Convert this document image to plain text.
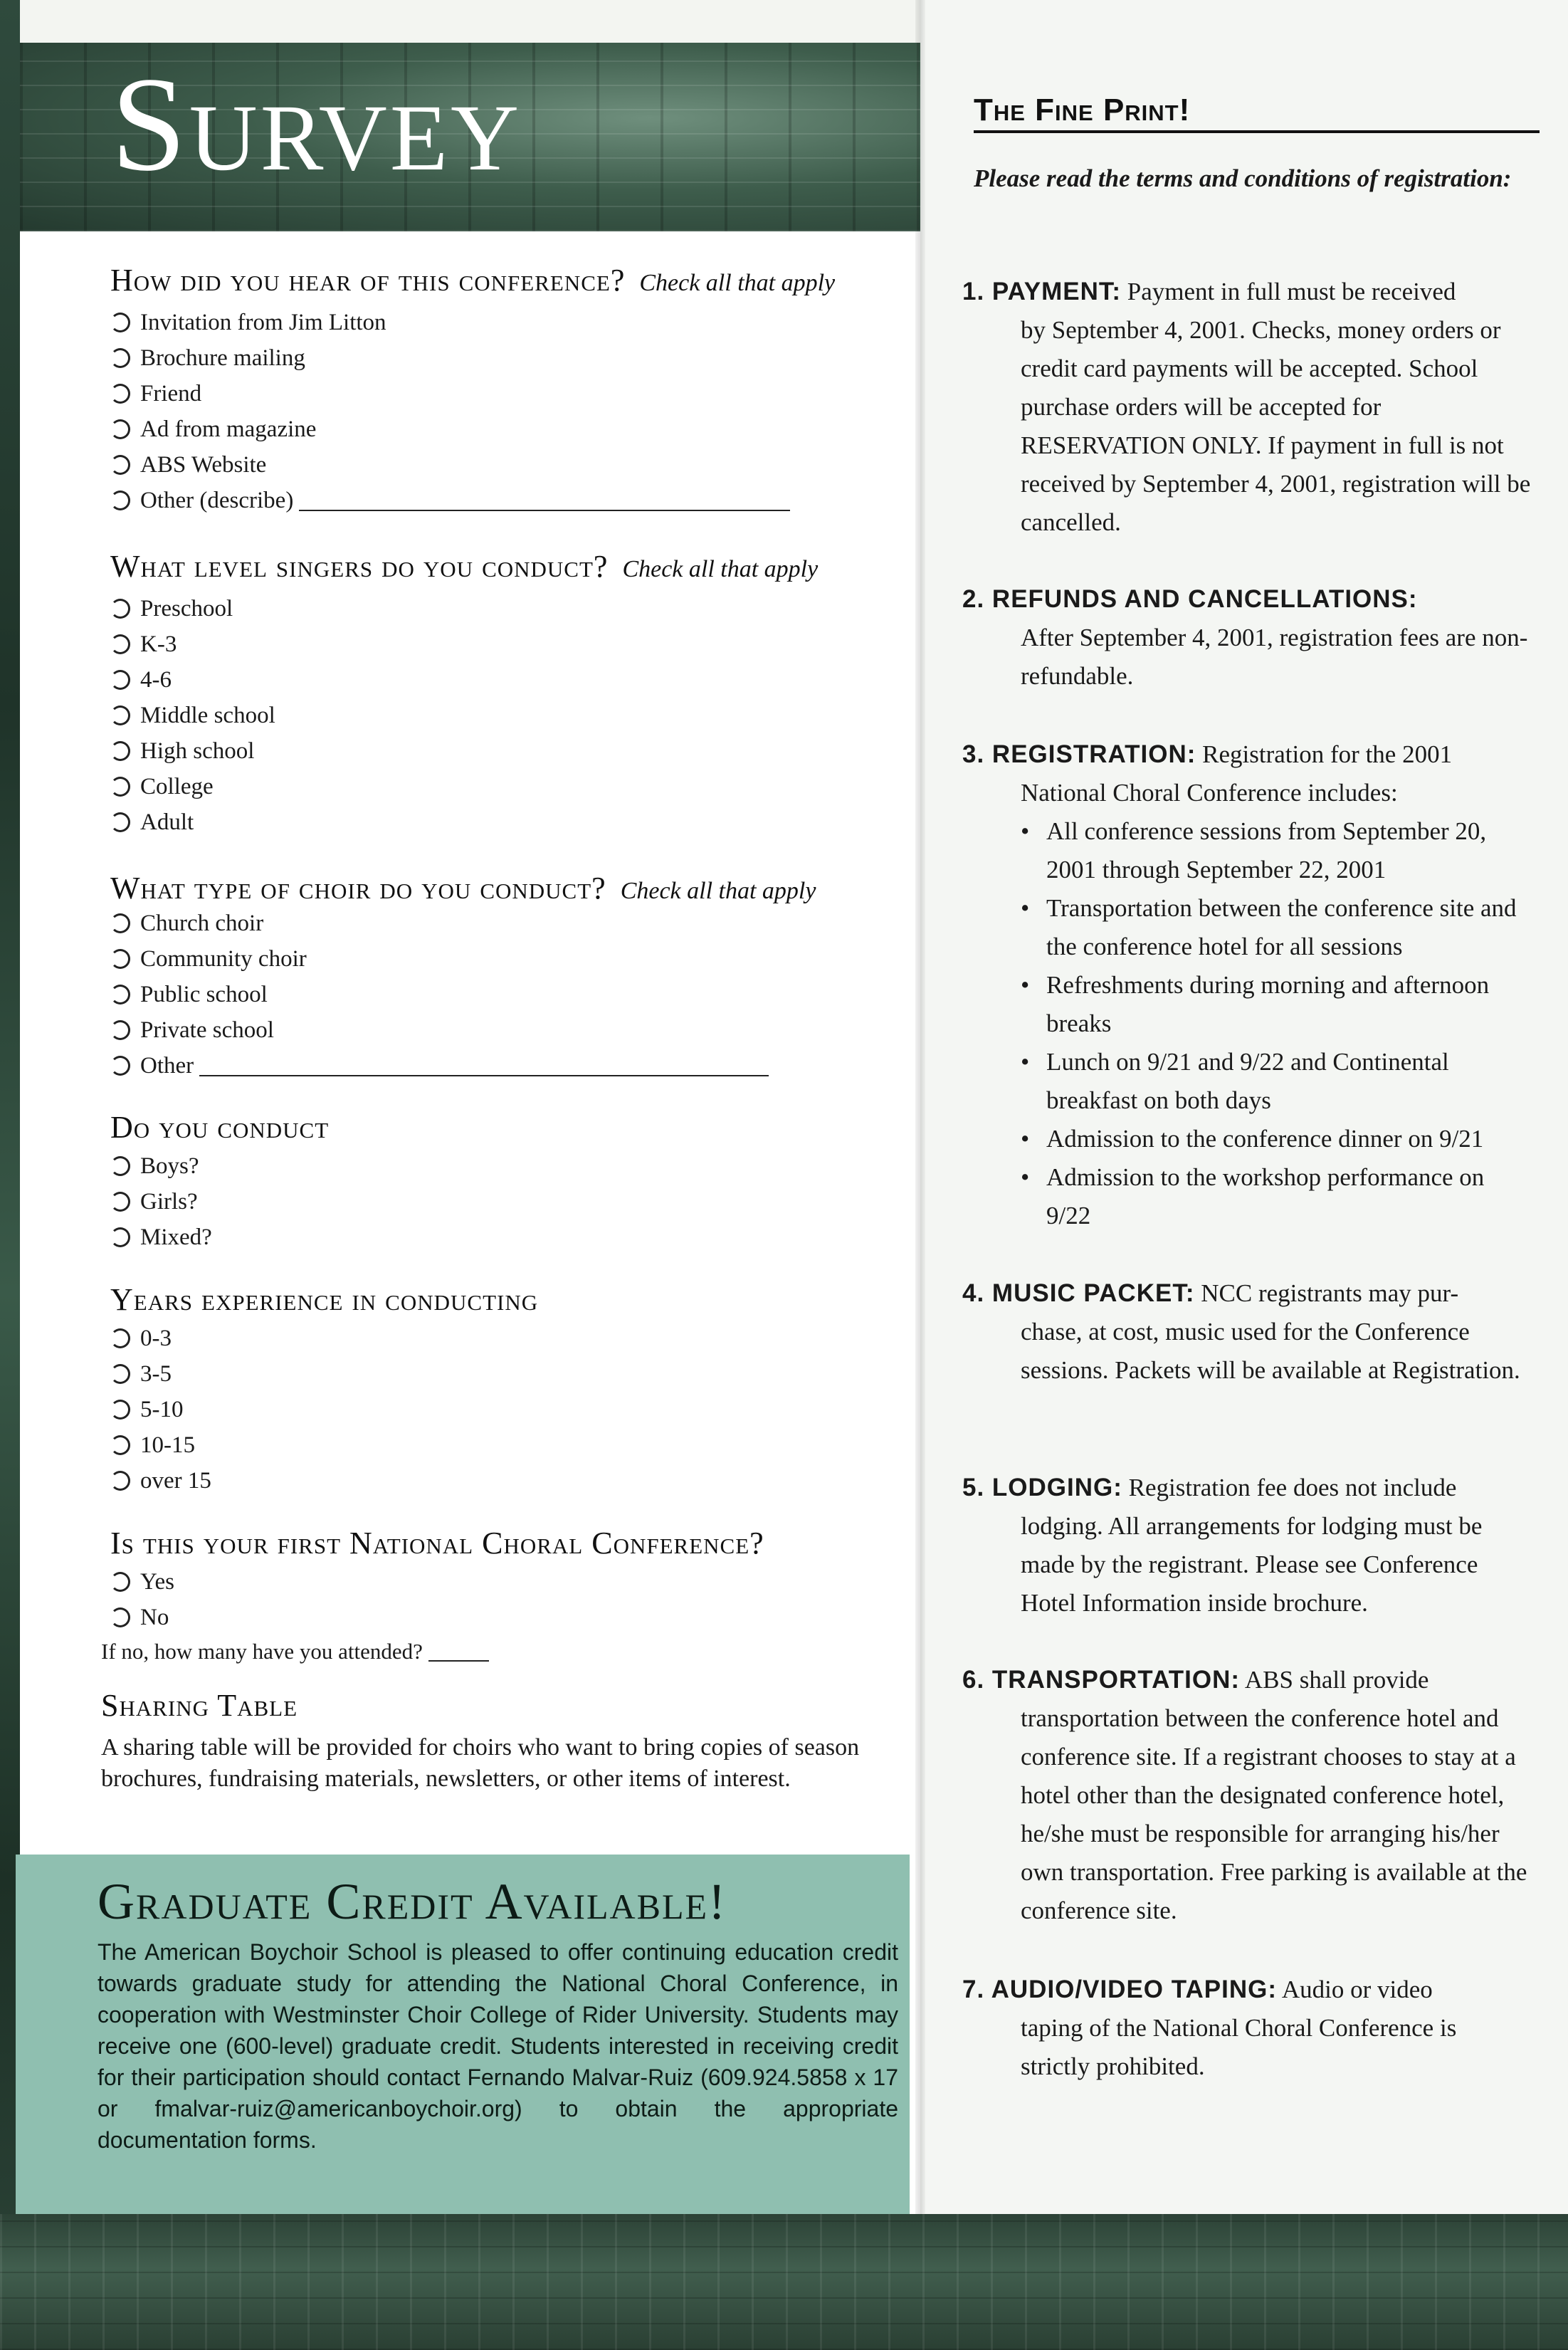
Survey
How did you hear of this conference? Check all that apply
Invitation from Jim Litton
Brochure mailing
Friend
Ad from magazine
ABS Website
Other (describe)
What level singers do you conduct? Check all that apply
Preschool
K-3
4-6
Middle school
High school
College
Adult
What type of choir do you conduct? Check all that apply
Church choir
Community choir
Public school
Private school
Other
Do you conduct
Boys?
Girls?
Mixed?
Years experience in conducting
0-3
3-5
5-10
10-15
over 15
Is this your first National Choral Conference?
Yes
No
If no, how many have you attended?
Sharing Table
A sharing table will be provided for choirs who want to bring copies of season brochures, fundraising materials, newsletters, or other items of interest.
Graduate Credit Available!
The American Boychoir School is pleased to offer continuing education credit towards graduate study for attending the National Choral Conference, in cooperation with Westminster Choir College of Rider University. Students may receive one (600-level) graduate credit. Students interested in receiving credit for their participation should contact Fernando Malvar-Ruiz (609.924.5858 x 17 or fmalvar-ruiz@americanboychoir.org) to obtain the appropriate documentation forms.
The Fine Print!
Please read the terms and conditions of registration:
1. PAYMENT: Payment in full must be received
by September 4, 2001. Checks, money orders or credit card payments will be accepted. School purchase orders will be accepted for RESERVATION ONLY. If payment in full is not received by September 4, 2001, registration will be cancelled.
2. REFUNDS AND CANCELLATIONS:
After September 4, 2001, registration fees are non-refundable.
3. REGISTRATION: Registration for the 2001
National Choral Conference includes:
• All conference sessions from September 20, 2001 through September 22, 2001
• Transportation between the conference site and the conference hotel for all sessions
• Refreshments during morning and afternoon breaks
• Lunch on 9/21 and 9/22 and Continental breakfast on both days
• Admission to the conference dinner on 9/21
• Admission to the workshop performance on 9/22
4. MUSIC PACKET: NCC registrants may pur-
chase, at cost, music used for the Conference sessions. Packets will be available at Registration.
5. LODGING: Registration fee does not include
lodging. All arrangements for lodging must be made by the registrant. Please see Conference Hotel Information inside brochure.
6. TRANSPORTATION: ABS shall provide
transportation between the conference hotel and conference site. If a registrant chooses to stay at a hotel other than the designated conference hotel, he/she must be responsible for arranging his/her own transportation. Free parking is available at the conference site.
7. AUDIO/VIDEO TAPING: Audio or video
taping of the National Choral Conference is strictly prohibited.
